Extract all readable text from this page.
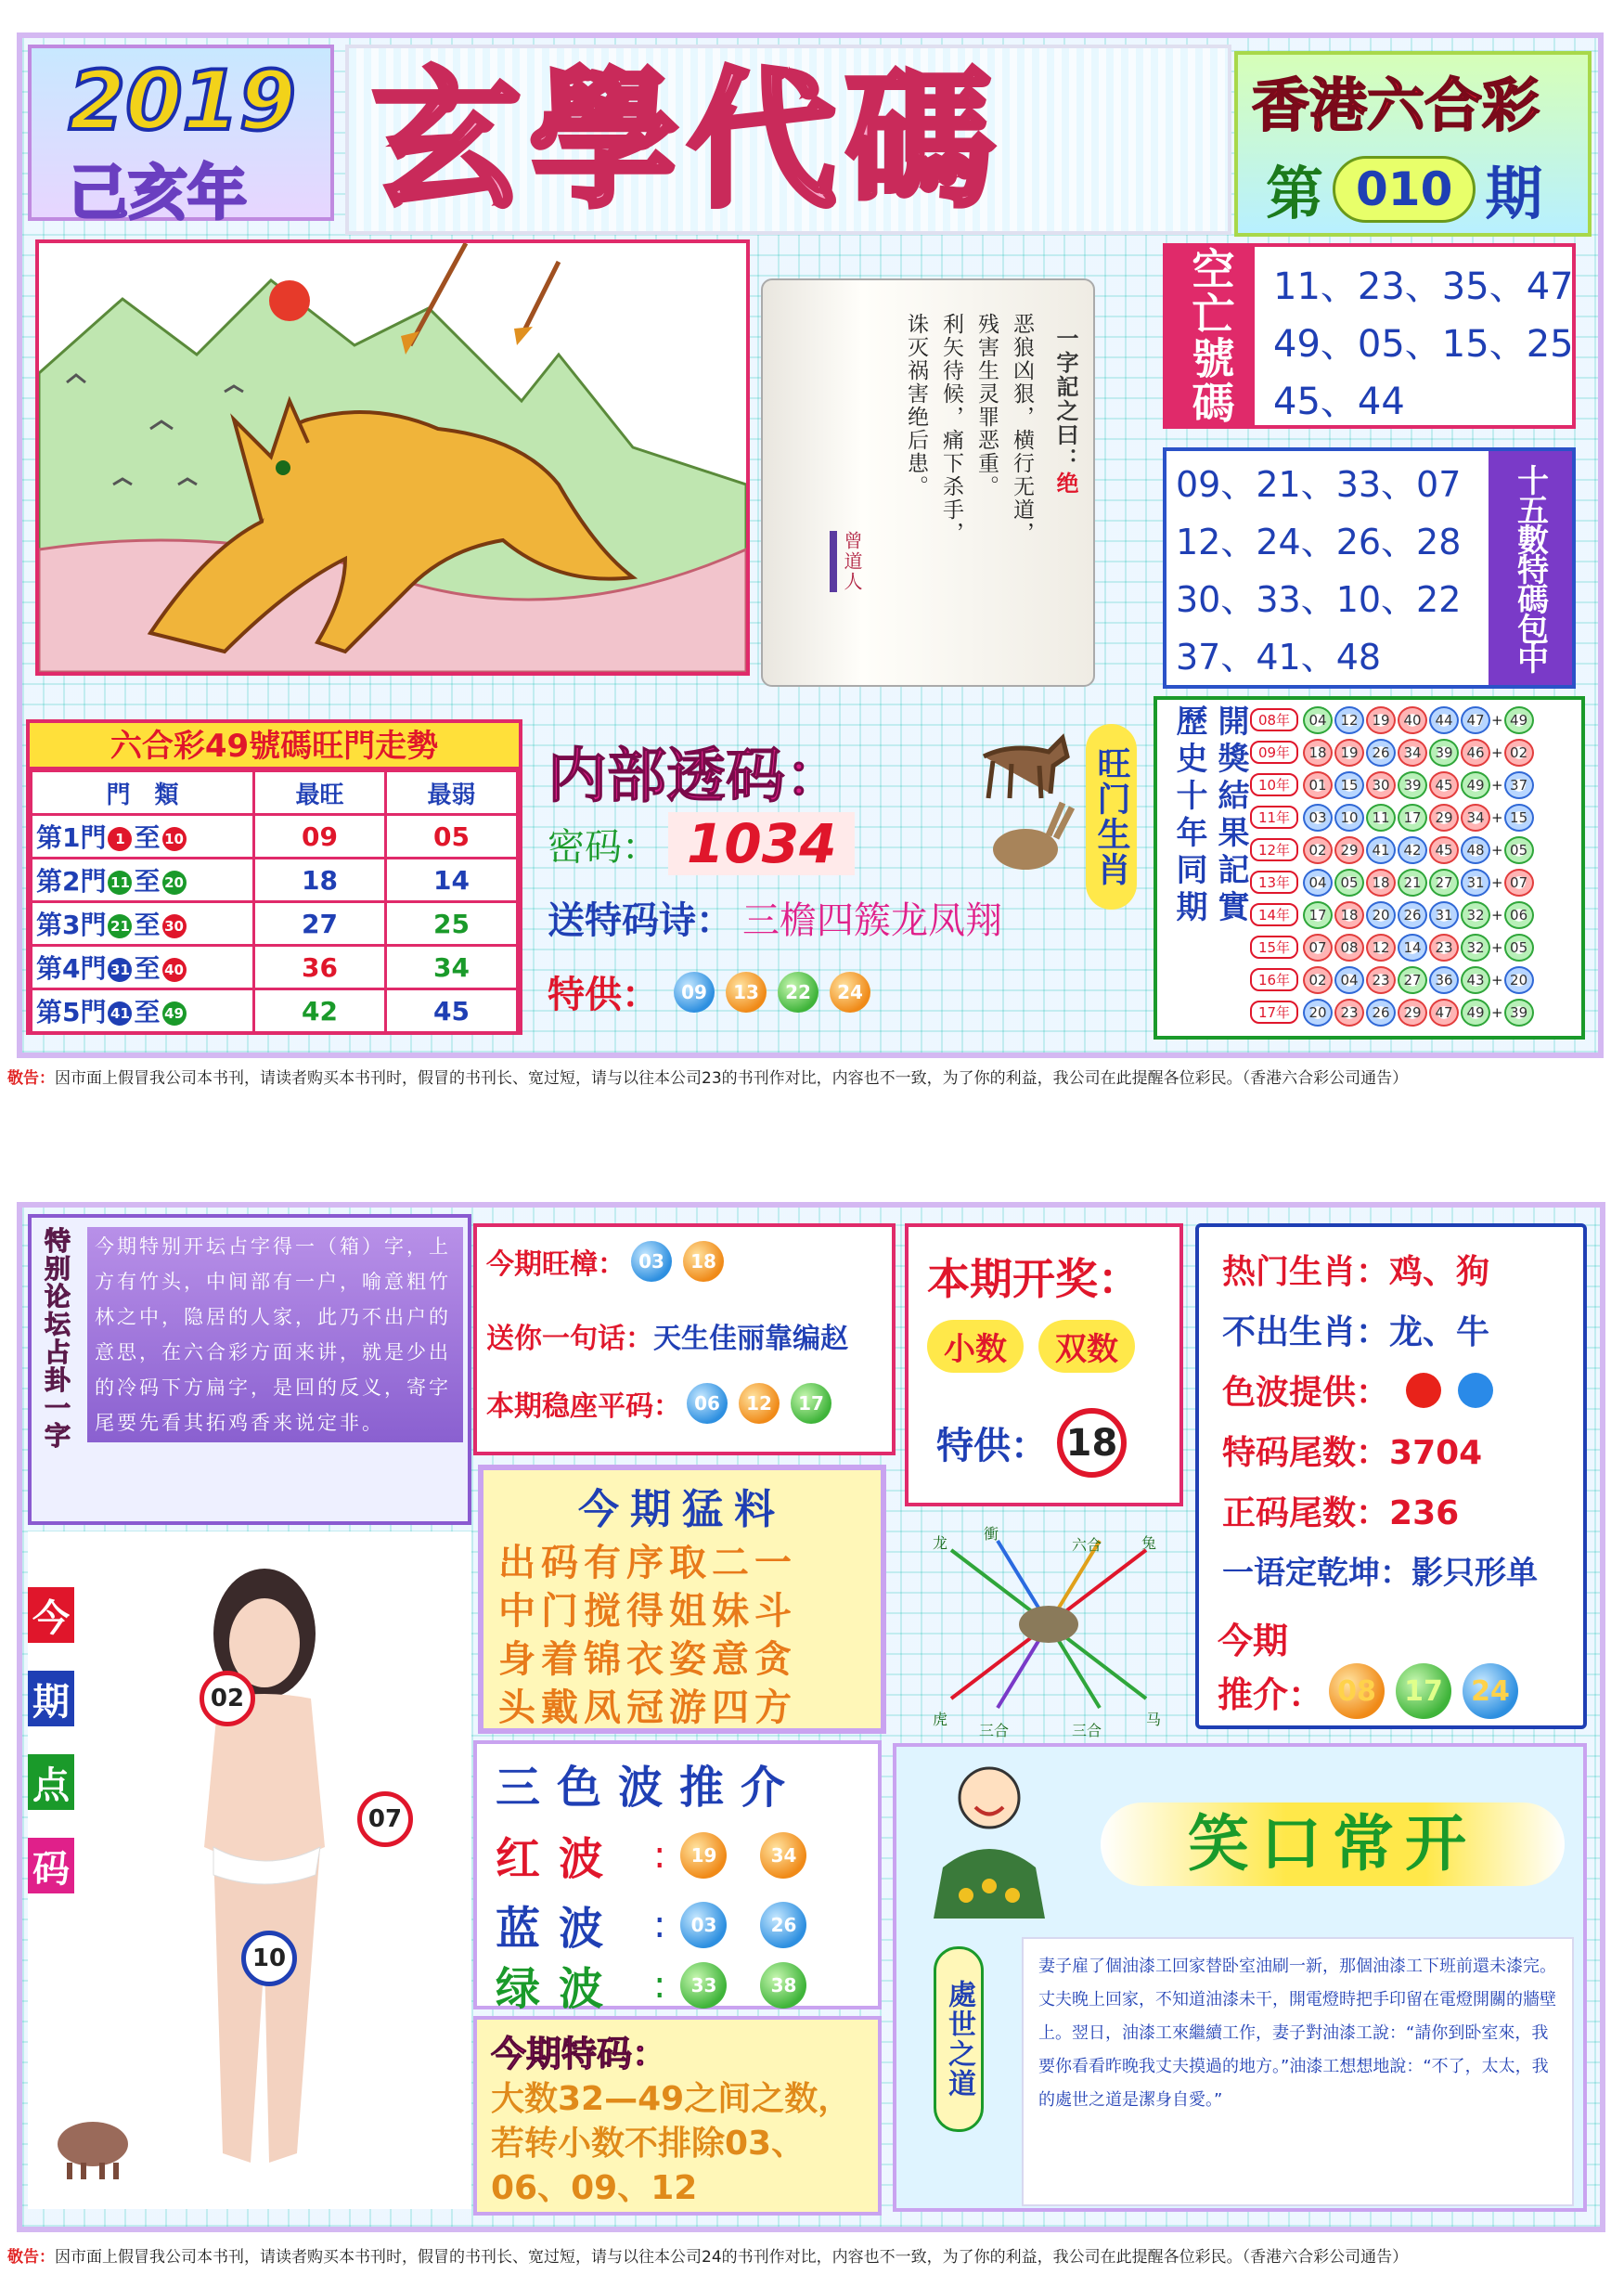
2019
己亥年 玄學代碼	香港六合彩
第 010 期
一字記之曰：绝
恶狼凶狠，横行无道，
残害生灵罪恶重。
利矢待候，痛下杀手，
诛灭祸害绝后患。
曾道人
空亡號碼	11、23、35、47
49、05、15、25
45、44
09、21、33、07
12、24、26、28
30、33、10、22
37、41、48	十五數特碼包中
六合彩49號碼旺門走勢
門　類	最旺	最弱
第1門 1 至 10	09	05
第2門 11 至 20	18	14
第3門 21 至 30	27	25
第4門 31 至 40	36	34
第5門 41 至 49	42	45
内部透码：
密码： 1034
送特码诗： 三檐四簇龙凤翔
特供：	09	13	22	24
旺门生肖 歷史十年同期 開獎結果記實 08年	04 12 19 40 44 47 + 49
09年	18 19 26 34 39 46 + 02
10年	01 15 30 39 45 49 + 37
11年	03 10 11 17 29 34 + 15
12年	02 29 41 42 45 48 + 05
13年	04 05 18 21 27 31 + 07
14年	17 18 20 26 31 32 + 06
15年	07 08 12 14 23 32 + 05
16年	02 04 23 27 36 43 + 20
17年	20 23 26 29 47 49 + 39
敬告： 因市面上假冒我公司本书刊，请读者购买本书刊时，假冒的书刊长、宽过短，请与以往本公司23的书刊作对比，内容也不一致，为了你的利益，我公司在此提醒各位彩民。（香港六合彩公司通告）
特别论坛占卦一字	今期特别开坛占字得一（箱）字，上方有竹头，中间部有一户，喻意粗竹林之中，隐居的人家，此乃不出户的意思，在六合彩方面来讲，就是少出的冷码下方扁字，是回的反义，寄字尾要先看其拓鸡香来说定非。
今期旺樟： 03	18
送你一句话：天生佳丽靠编赵
本期稳座平码： 06	12	17
本期开奖：
小数	双数
特供： 18
热门生肖：鸡、狗
不出生肖：龙、牛
色波提供：
特码尾数：3704
正码尾数：236
一语定乾坤：影只形单
今期
推介： 08	17	24
今期猛料
出码有序取二一
中门搅得姐妹斗
身着锦衣姿意贪
头戴凤冠游四方
龙
衝
六合	兔
虎
三合	三合
马
今
期
点
码
02
07
10
三色波推介
红波 :	19	34
蓝波 :	03	26
绿波 :	33	38
今期特码：
大数32—49之间之数，若转小数不排除03、06、09、12
笑口常开
處世之道
妻子雇了個油漆工回家替卧室油刷一新，那個油漆工下班前還未漆完。丈夫晚上回家，不知道油漆未干，開電燈時把手印留在電燈開關的牆壁上。翌日，油漆工來繼續工作，妻子對油漆工說：“請你到卧室來，我要你看看昨晚我丈夫摸過的地方。”油漆工想想地說：“不了，太太，我的處世之道是潔身自愛。”
敬告： 因市面上假冒我公司本书刊，请读者购买本书刊时，假冒的书刊长、宽过短，请与以往本公司24的书刊作对比，内容也不一致，为了你的利益，我公司在此提醒各位彩民。（香港六合彩公司通告）
